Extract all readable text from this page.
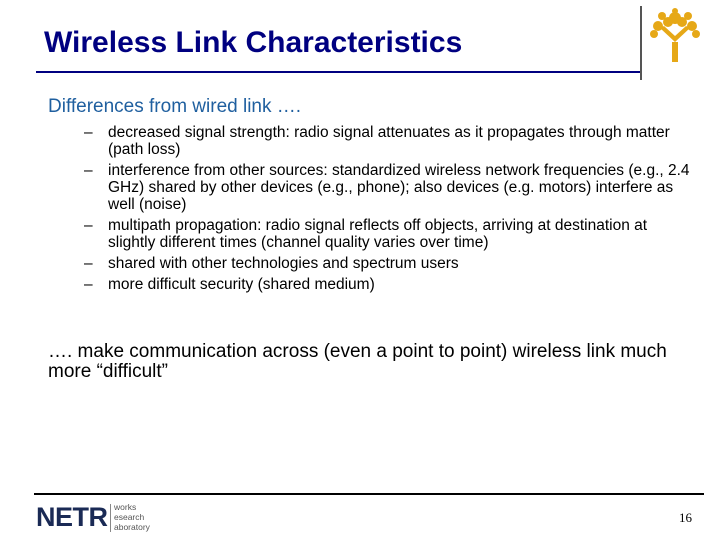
Wireless Link Characteristics
Differences from wired link ….
– decreased signal strength: radio signal attenuates as it propagates through matter (path loss)
– interference from other sources: standardized wireless network frequencies (e.g., 2.4 GHz) shared by other devices (e.g., phone); also devices (e.g. motors) interfere as well (noise)
– multipath propagation: radio signal reflects off objects, arriving at destination at slightly different times (channel quality varies over time)
– shared with other technologies and spectrum users
– more difficult security (shared medium)
…. make communication across (even a point to point) wireless link much more “difficult”
NETR works
esearch
aboratory
16
